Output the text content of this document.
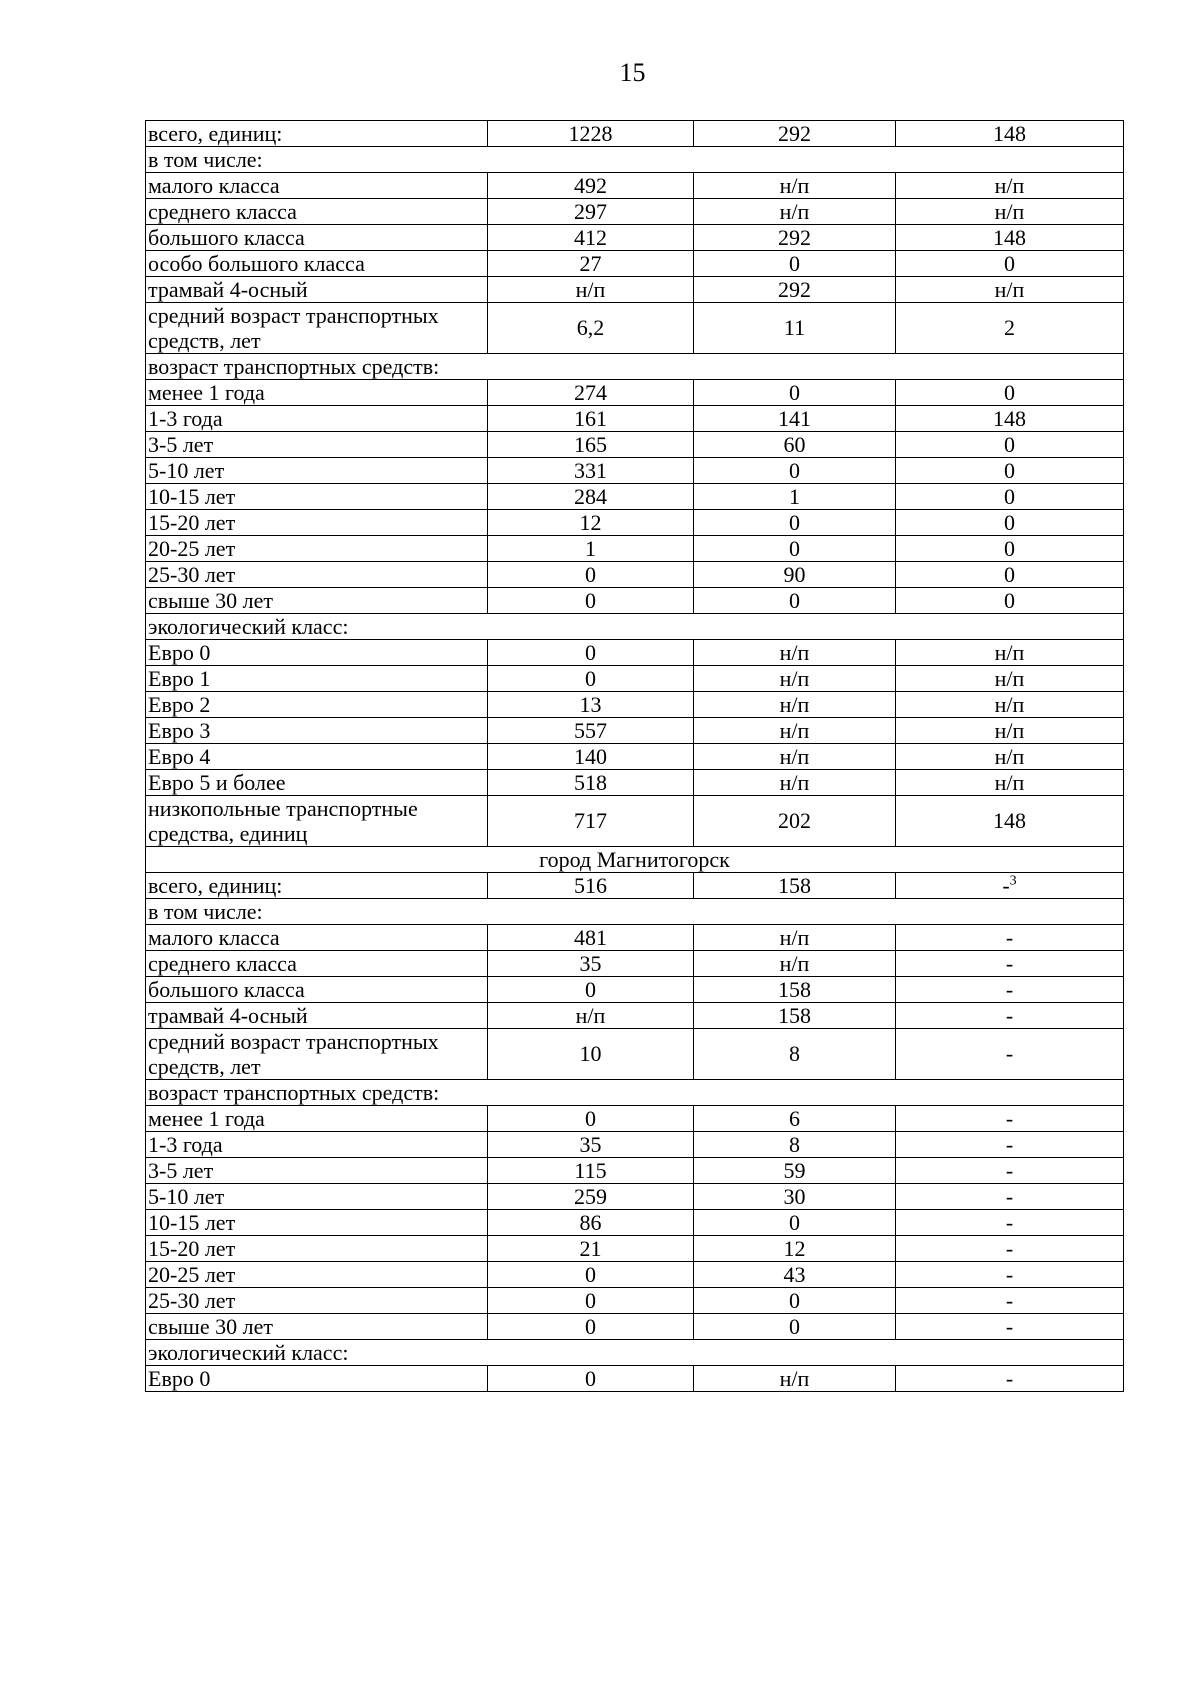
15
всего, единиц:	1228	292	148
в том числе:			
малого класса	492	н/п	н/п
среднего класса	297	н/п	н/п
большого класса	412	292	148
особо большого класса	27	0	0
трамвай 4-осный	н/п	292	н/п
средний возраст транспортных средств, лет	6,2	11	2
возраст транспортных средств:			
менее 1 года	274	0	0
1-3 года	161	141	148
3-5 лет	165	60	0
5-10 лет	331	0	0
10-15 лет	284	1	0
15-20 лет	12	0	0
20-25 лет	1	0	0
25-30 лет	0	90	0
свыше 30 лет	0	0	0
экологический класс:			
Евро 0	0	н/п	н/п
Евро 1	0	н/п	н/п
Евро 2	13	н/п	н/п
Евро 3	557	н/п	н/п
Евро 4	140	н/п	н/п
Евро 5 и более	518	н/п	н/п
низкопольные транспортные средства, единиц	717	202	148
город Магнитогорск			
всего, единиц:	516	158	-$^3$
в том числе:			
малого класса	481	н/п	-
среднего класса	35	н/п	-
большого класса	0	158	-
трамвай 4-осный	н/п	158	-
средний возраст транспортных средств, лет	10	8	-
возраст транспортных средств:			
менее 1 года	0	6	-
1-3 года	35	8	-
3-5 лет	115	59	-
5-10 лет	259	30	-
10-15 лет	86	0	-
15-20 лет	21	12	-
20-25 лет	0	43	-
25-30 лет	0	0	-
свыше 30 лет	0	0	-
экологический класс:			
Евро 0	0	н/п	-
